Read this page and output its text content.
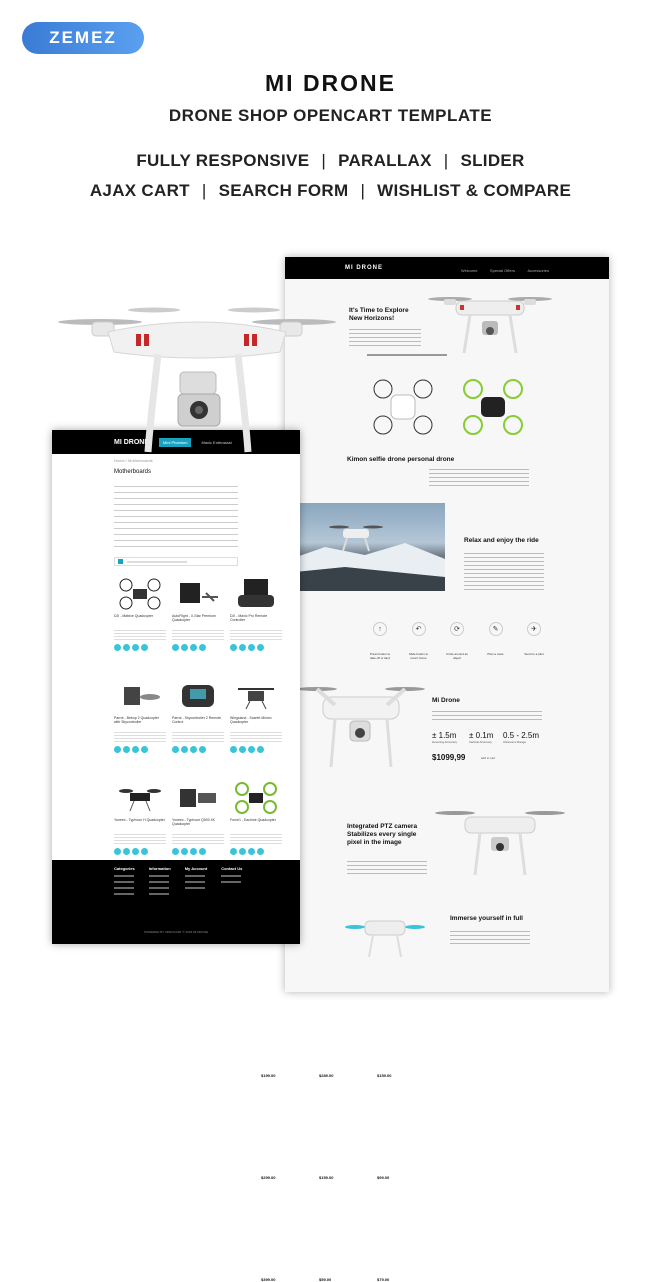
ZEMEZ
MI DRONE
DRONE SHOP OPENCART TEMPLATE
FULLY RESPONSIVE | PARALLAX | SLIDER
AJAX CART | SEARCH FORM | WISHLIST & COMPARE
MI DRONE	Welcome	Special Offers	Accessories
It's Time to Explore
New Horizons!
Kimon selfie drone personal drone
Relax and enjoy the ride
↑
Press button to take off or land
↶
Slide button to return home
⟳
Circle around an object
✎
Plan a route
✈
Send to a pilot
Mi Drone
± 1.5m
Hovering Accuracy
± 0.1m
Vertical Accuracy
0.5 - 2.5m
Ultrasonic Range
$1099,99	add to cart
Integrated PTZ camera
Stabilizes every single
pixel in the image
Immerse yourself in full
MI DRONE	Mini Phantom	Mavic Enthusiast
Home / Motherboards
Motherboards
DJI - Matrice Quadcopter
$199.00
AutoFlight - X-Star Premium Quadcopter
$289.00
DJI - Mavic Pro Remote Controller
$159.00
Parrot - Bebop 2 Quadcopter with Skycontroller
$299.00
Parrot - Skycontroller 2 Remote Control
$159.00
Wingsland - Scarlet Minion Quadcopter
$99.00
Yuneec - Typhoon H Quadcopter
$399.00
Yuneec - Typhoon Q500 4K Quadcopter
$59.00
Force1 - Eachine Quadcopter
$79.00
Categories	Information	My Account	Contact Us
POWERED BY OPENCART © 2018 MI DRONE
